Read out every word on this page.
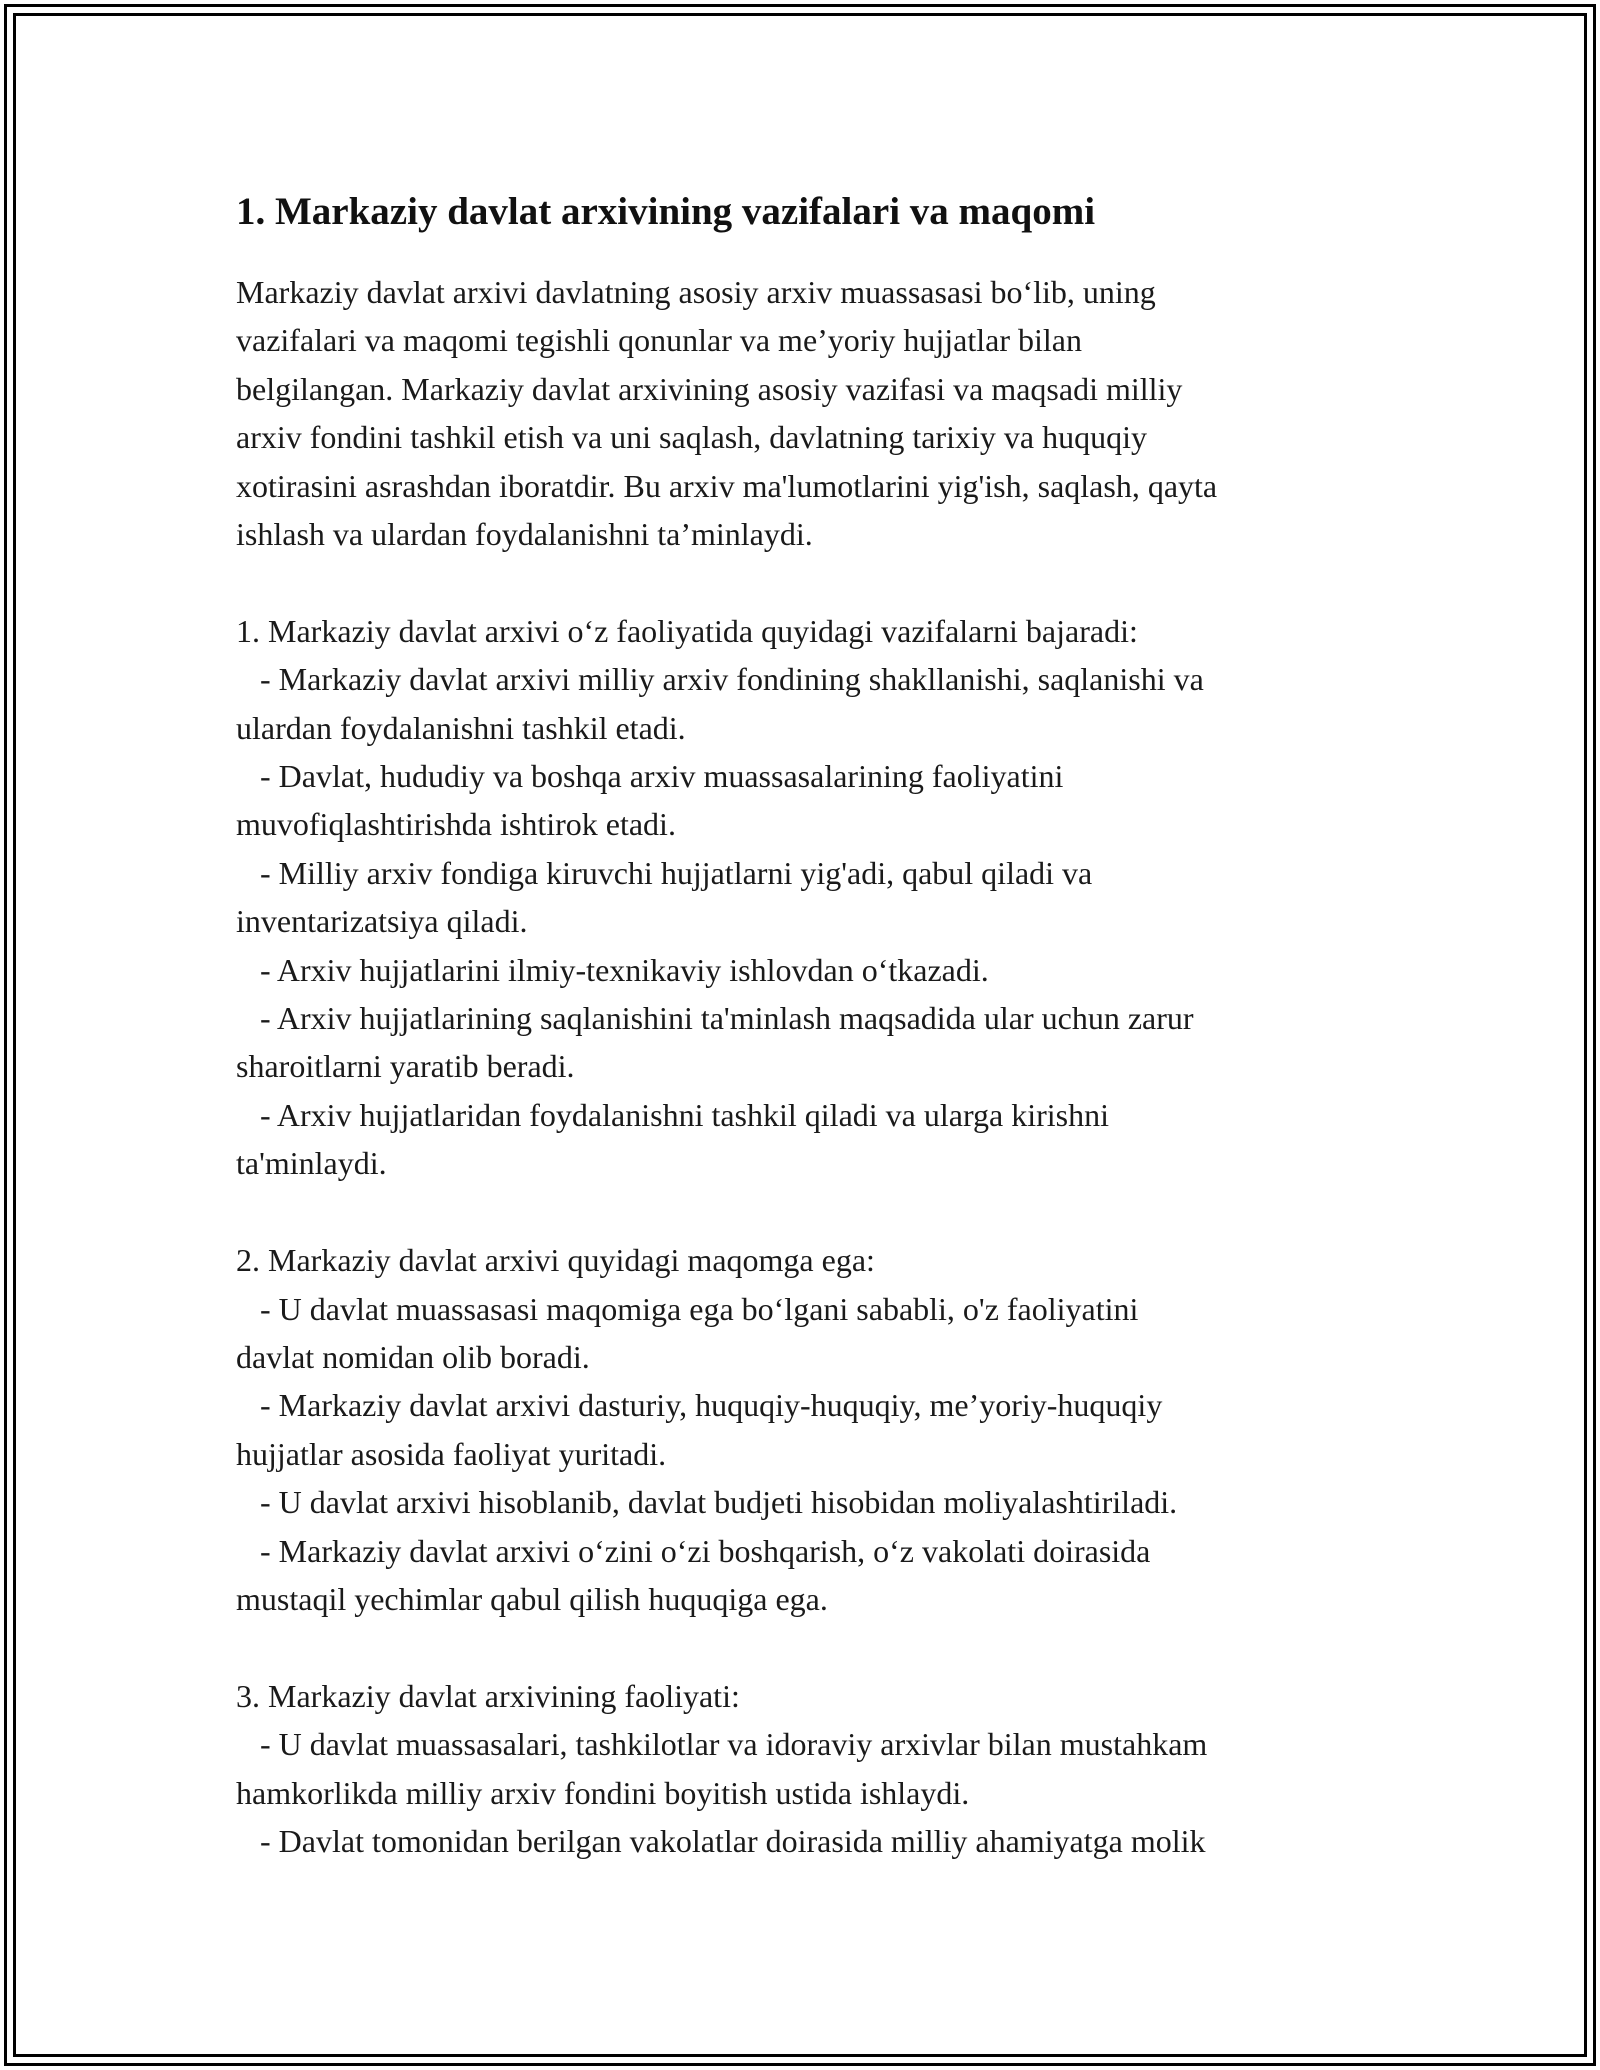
1. Markaziy davlat arxivining vazifalari va maqomi

Markaziy davlat arxivi davlatning asosiy arxiv muassasasi bo‘lib, uning
vazifalari va maqomi tegishli qonunlar va me’yoriy hujjatlar bilan
belgilangan. Markaziy davlat arxivining asosiy vazifasi va maqsadi milliy
arxiv fondini tashkil etish va uni saqlash, davlatning tarixiy va huquqiy
xotirasini asrashdan iboratdir. Bu arxiv ma'lumotlarini yig'ish, saqlash, qayta
ishlash va ulardan foydalanishni ta’minlaydi.

1. Markaziy davlat arxivi o‘z faoliyatida quyidagi vazifalarni bajaradi:

- Markaziy davlat arxivi milliy arxiv fondining shakllanishi, saqlanishi va
ulardan foydalanishni tashkil etadi.

- Davlat, hududiy va boshqa arxiv muassasalarining faoliyatini
muvofiqlashtirishda ishtirok etadi.

- Milliy arxiv fondiga kiruvchi hujjatlarni yig'adi, qabul qiladi va
inventarizatsiya qiladi.

- Arxiv hujjatlarini ilmiy-texnikaviy ishlovdan o‘tkazadi.

- Arxiv hujjatlarining saqlanishini ta'minlash maqsadida ular uchun zarur
sharoitlarni yaratib beradi.

- Arxiv hujjatlaridan foydalanishni tashkil qiladi va ularga kirishni
ta'minlaydi.

2. Markaziy davlat arxivi quyidagi maqomga ega:

- U davlat muassasasi maqomiga ega bo‘lgani sababli, o'z faoliyatini
davlat nomidan olib boradi.

- Markaziy davlat arxivi dasturiy, huquqiy-huquqiy, me’yoriy-huquqiy
hujjatlar asosida faoliyat yuritadi.

- U davlat arxivi hisoblanib, davlat budjeti hisobidan moliyalashtiriladi.

- Markaziy davlat arxivi o‘zini o‘zi boshqarish, o‘z vakolati doirasida
mustaqil yechimlar qabul qilish huquqiga ega.

3. Markaziy davlat arxivining faoliyati:

- U davlat muassasalari, tashkilotlar va idoraviy arxivlar bilan mustahkam
hamkorlikda milliy arxiv fondini boyitish ustida ishlaydi.

- Davlat tomonidan berilgan vakolatlar doirasida milliy ahamiyatga molik
